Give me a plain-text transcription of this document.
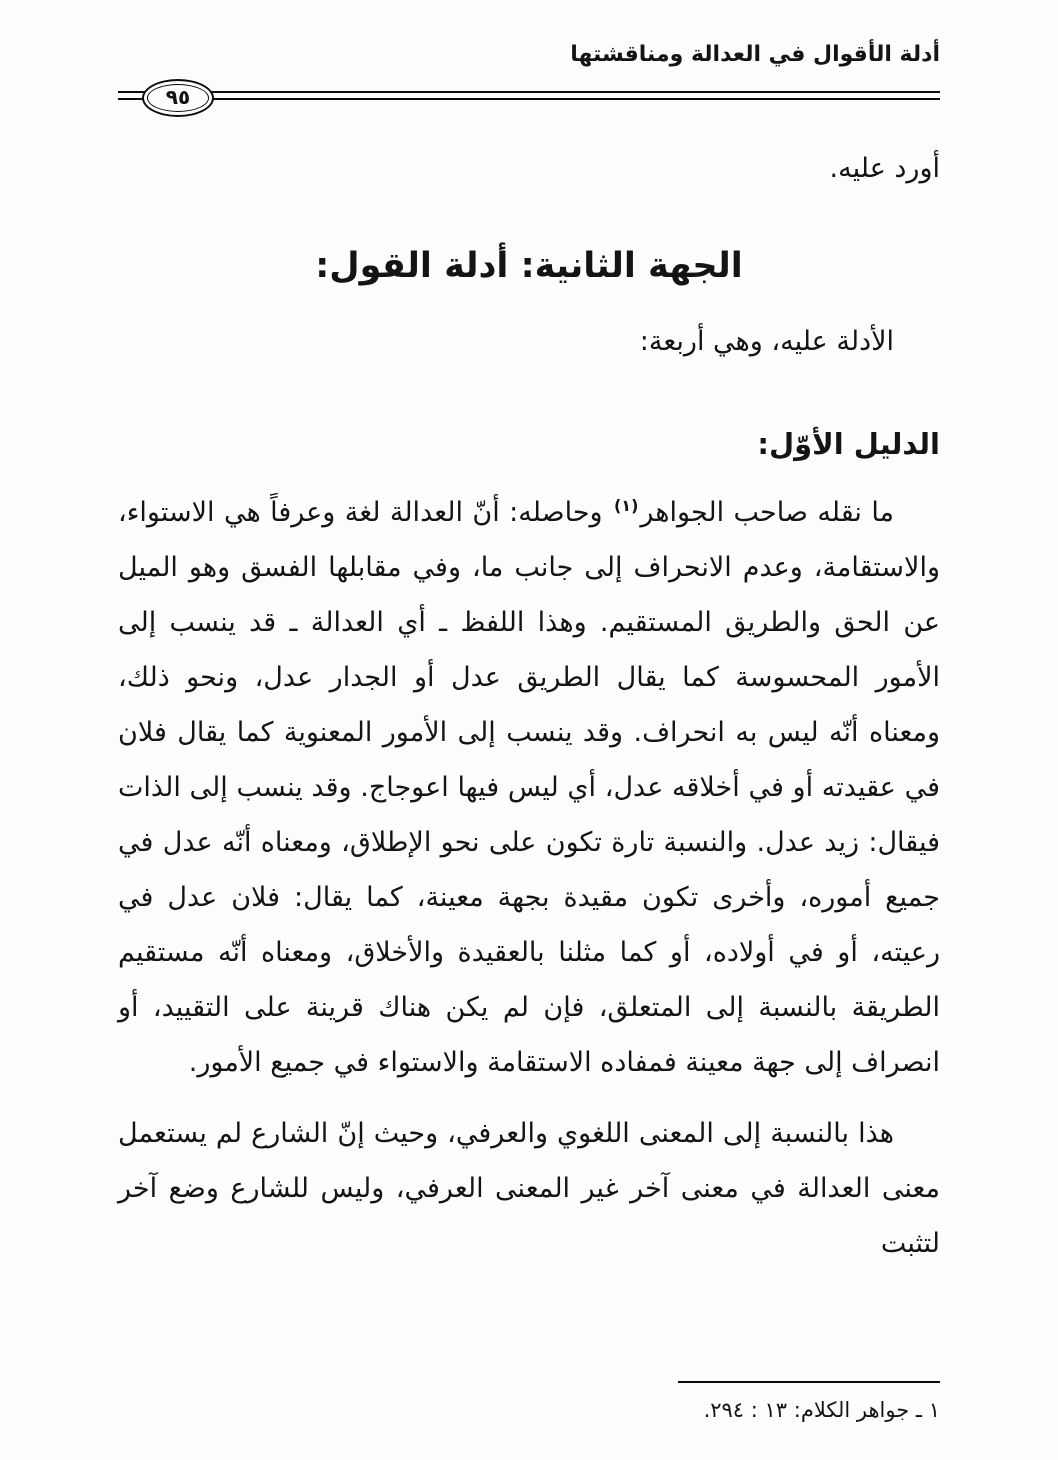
أدلة الأقوال في العدالة ومناقشتها
٩٥

أورد عليه.

الجهة الثانية: أدلة القول:

الأدلة عليه، وهي أربعة:

الدليل الأوّل:

ما نقله صاحب الجواهر$^{(١)}$ وحاصله: أنّ العدالة لغة وعرفاً هي الاستواء، والاستقامة، وعدم الانحراف إلى جانب ما، وفي مقابلها الفسق وهو الميل عن الحق والطريق المستقيم. وهذا اللفظ ـ أي العدالة ـ قد ينسب إلى الأمور المحسوسة كما يقال الطريق عدل أو الجدار عدل، ونحو ذلك، ومعناه أنّه ليس به انحراف. وقد ينسب إلى الأمور المعنوية كما يقال فلان في عقيدته أو في أخلاقه عدل، أي ليس فيها اعوجاج. وقد ينسب إلى الذات فيقال: زيد عدل. والنسبة تارة تكون على نحو الإطلاق، ومعناه أنّه عدل في جميع أموره، وأخرى تكون مقيدة بجهة معينة، كما يقال: فلان عدل في رعيته، أو في أولاده، أو كما مثلنا بالعقيدة والأخلاق، ومعناه أنّه مستقيم الطريقة بالنسبة إلى المتعلق، فإن لم يكن هناك قرينة على التقييد، أو انصراف إلى جهة معينة فمفاده الاستقامة والاستواء في جميع الأمور.

هذا بالنسبة إلى المعنى اللغوي والعرفي، وحيث إنّ الشارع لم يستعمل معنى العدالة في معنى آخر غير المعنى العرفي، وليس للشارع وضع آخر لتثبت

١ ـ جواهر الكلام: ١٣ : ٢٩٤.
